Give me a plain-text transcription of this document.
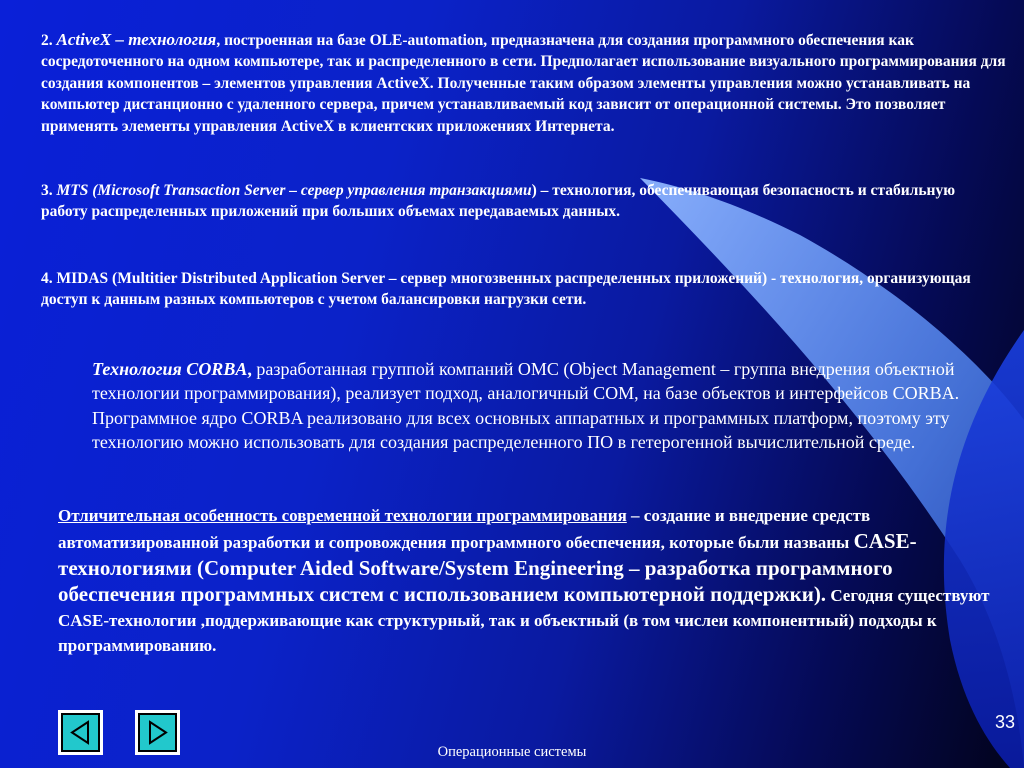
2. ActiveX – технология, построенная на базе OLE-automation, предназначена для создания программного обеспечения как сосредоточенного на одном компьютере, так и распределенного в сети. Предполагает использование визуального программирования для создания компонентов – элементов управления ActiveX. Полученные таким образом элементы управления можно устанавливать на компьютер дистанционно с удаленного сервера, причем устанавливаемый код зависит от операционной системы. Это позволяет применять элементы управления ActiveX в клиентских приложениях Интернета.

3. MTS (Microsoft Transaction Server – сервер управления транзакциями) – технология, обеспечивающая безопасность и стабильную работу распределенных приложений при больших объемах передаваемых данных.

4. MIDAS (Multitier Distributed Application Server – сервер многозвенных распределенных приложений) - технология, организующая доступ к данным разных компьютеров с учетом балансировки нагрузки сети.

Технология CORBA, разработанная группой компаний OMC (Object Management – группа внедрения объектной технологии программирования), реализует подход, аналогичный COM, на базе объектов и интерфейсов CORBA. Программное ядро CORBA реализовано для всех основных аппаратных и программных платформ, поэтому эту технологию можно использовать для создания распределенного ПО в гетерогенной вычислительной среде.

Отличительная особенность современной технологии программирования – создание и внедрение средств автоматизированной разработки и сопровождения программного обеспечения, которые были названы CASE-технологиями (Computer Aided Software/System Engineering – разработка программного обеспечения программных систем с использованием компьютерной поддержки). Сегодня существуют CASE-технологии ,поддерживающие как структурный, так и объектный (в том числеи компонентный) подходы к программированию.

33
Операционные системы
